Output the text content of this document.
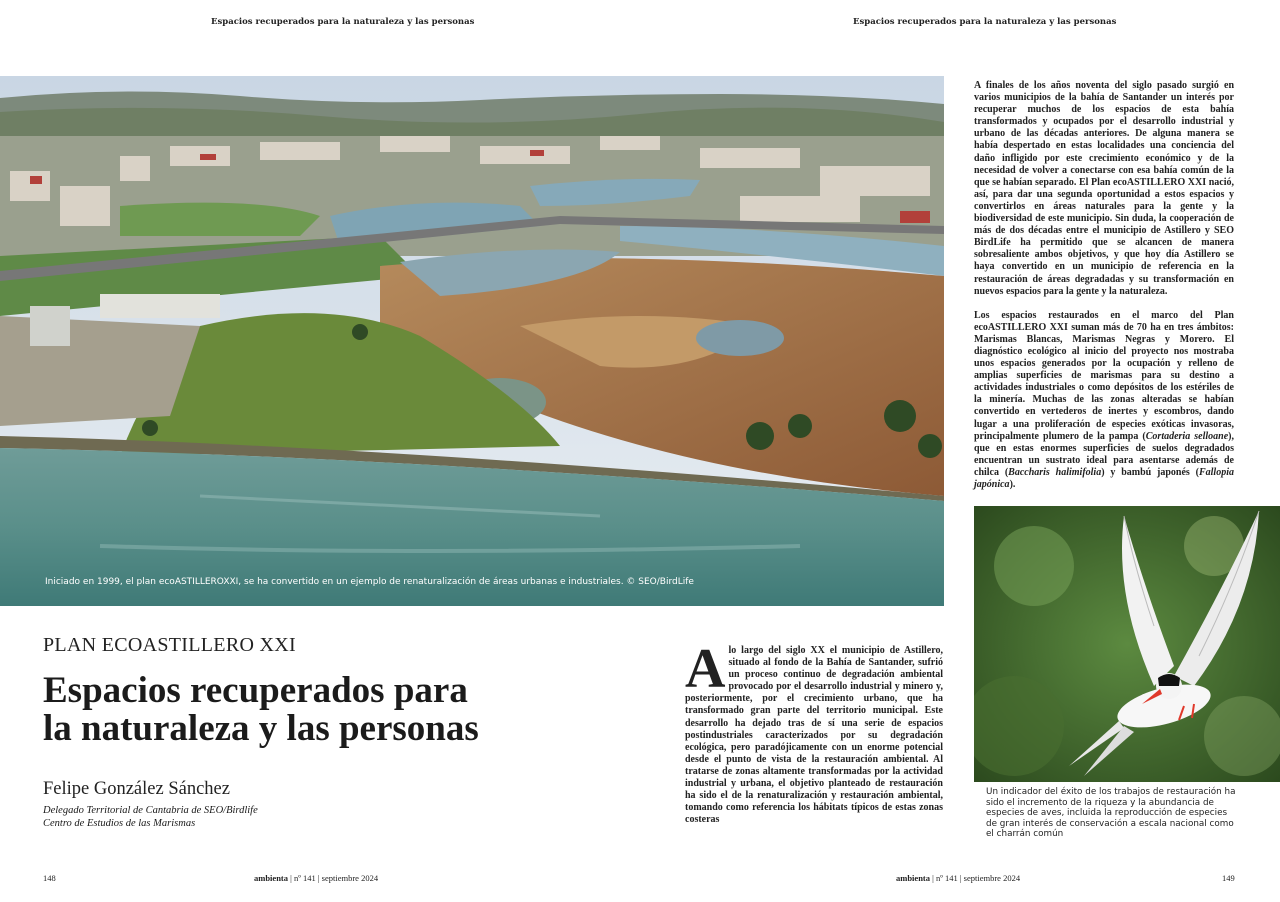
Espacios recuperados para la naturaleza y las personas	Espacios recuperados para la naturaleza y las personas
Iniciado en 1999, el plan ecoASTILLEROXXI, se ha convertido en un ejemplo de renaturalización de áreas urbanas e industriales. © SEO/BirdLife
PLAN ECOASTILLERO XXI
Espacios recuperados para
la naturaleza y las personas
Felipe González Sánchez
Delegado Territorial de Cantabria de SEO/Birdlife
Centro de Estudios de las Marismas
Alo largo del siglo XX el municipio de Astillero, situado al fondo de la Bahía de Santander, sufrió un proceso continuo de degradación ambiental provocado por el desarrollo industrial y minero y, posteriormente, por el crecimiento urbano, que ha transformado gran parte del territorio municipal. Este desarrollo ha dejado tras de sí una serie de espacios postindustriales caracterizados por su degradación ecológica, pero paradójicamente con un enorme potencial desde el punto de vista de la restauración ambiental. Al tratarse de zonas altamente transformadas por la actividad industrial y urbana, el objetivo planteado de restauración ha sido el de la renaturalización y restauración ambiental, tomando como referencia los hábitats típicos de estas zonas costeras

A finales de los años noventa del siglo pasado surgió en varios municipios de la bahía de Santander un interés por recuperar muchos de los espacios de esta bahía transformados y ocupados por el desarrollo industrial y urbano de las décadas anteriores. De alguna manera se había despertado en estas localidades una conciencia del daño infligido por este crecimiento económico y de la necesidad de volver a conectarse con esa bahía común de la que se habían separado. El Plan ecoASTILLERO XXI nació, así, para dar una segunda oportunidad a estos espacios y convertirlos en áreas naturales para la gente y la biodiversidad de este municipio. Sin duda, la cooperación de más de dos décadas entre el municipio de Astillero y SEO BirdLife ha permitido que se alcancen de manera sobresaliente ambos objetivos, y que hoy día Astillero se haya convertido en un municipio de referencia en la restauración de áreas degradadas y su transformación en nuevos espacios para la gente y la naturaleza.

Los espacios restaurados en el marco del Plan ecoASTILLERO XXI suman más de 70 ha en tres ámbitos: Marismas Blancas, Marismas Negras y Morero. El diagnóstico ecológico al inicio del proyecto nos mostraba unos espacios generados por la ocupación y relleno de amplias superficies de marismas para su destino a actividades industriales o como depósitos de los estériles de la minería. Muchas de las zonas alteradas se habían convertido en vertederos de inertes y escombros, dando lugar a una proliferación de especies exóticas invasoras, principalmente plumero de la pampa (Cortaderia selloane), que en estas enormes superficies de suelos degradados encuentran un sustrato ideal para asentarse además de chilca (Baccharis halimifolia) y bambú japonés (Fallopia japónica).

Un indicador del éxito de los trabajos de restauración ha sido el incremento de la riqueza y la abundancia de especies de aves, incluida la reproducción de especies de gran interés de conservación a escala nacional como el charrán común
148	ambienta | nº 141 | septiembre 2024	ambienta | nº 141 | septiembre 2024	149
